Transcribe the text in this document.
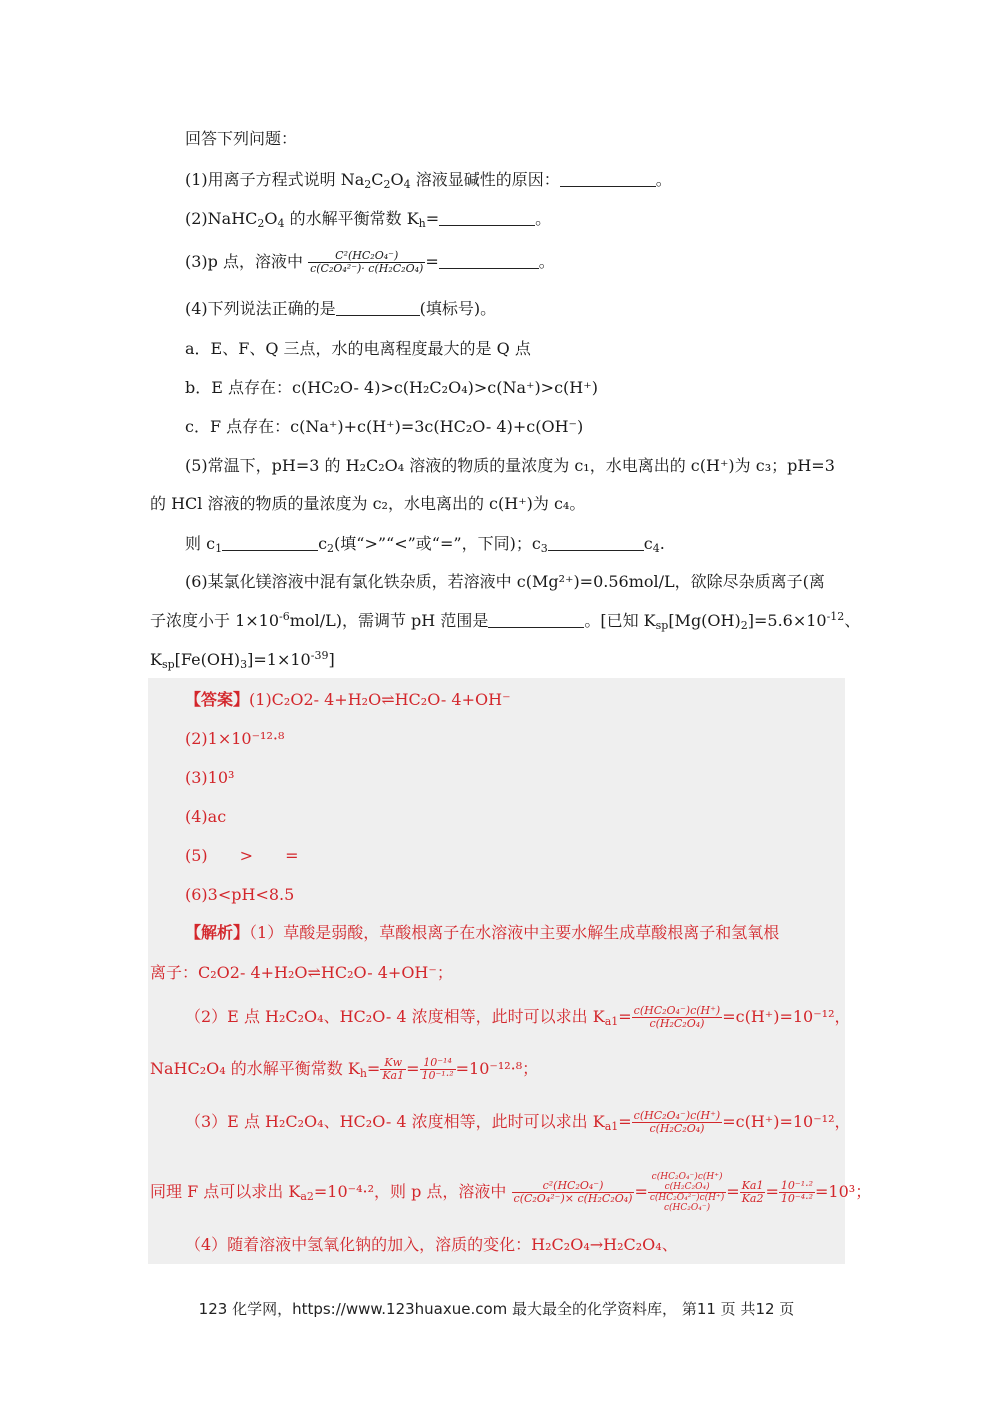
回答下列问题：
(1)用离子方程式说明 $Na_2C_2O_4$ 溶液显碱性的原因：	。
$(2)NaHC_2O_4$ 的水解平衡常数 $K_h=$	。
(3)p 点，溶液中 $\frac{\text{C²(HC₂O₄⁻)}}{\text{c(C₂O₄²⁻)· c(H₂C₂O₄)}}$ =	。
(4)下列说法正确的是	(填标号)。
a．E、F、Q 三点，水的电离程度最大的是 Q 点
b．E 点存在：c(HC₂O- 4)>c(H₂C₂O₄)>c(Na⁺)>c(H⁺)
c．F 点存在：c(Na⁺)+c(H⁺)=3c(HC₂O- 4)+c(OH⁻)
(5)常温下，pH=3 的 H₂C₂O₄ 溶液的物质的量浓度为 c₁，水电离出的 c(H⁺)为 c₃；pH=3
的 HCl 溶液的物质的量浓度为 c₂，水电离出的 c(H⁺)为 c₄。
则 $c_1$	$c_2$(填“>”“<”或“=”，下同)；$c_3$	$c_4$.
(6)某氯化镁溶液中混有氯化铁杂质，若溶液中 c(Mg²⁺)=0.56mol/L，欲除尽杂质离子(离
子浓度小于 $1\times 10^{-6}mol/L$)，需调节 pH 范围是	。[已知 $K_{sp}[Mg(OH)_2]=5.6\times 10^{-12}$、
$K_{sp}[Fe(OH)_3]=1\times 10^{-39}$]
【答案】(1)C₂O2- 4+H₂O⇌HC₂O- 4+OH⁻
(2)1×10⁻¹²·⁸
(3)10³
(4)ac
(5)　　>　　=
(6)3<pH<8.5
【解析】（1）草酸是弱酸，草酸根离子在水溶液中主要水解生成草酸根离子和氢氧根
离子：C₂O2- 4+H₂O⇌HC₂O- 4+OH⁻；
（2）E 点 H₂C₂O₄、HC₂O- 4 浓度相等，此时可以求出 $K_{a1}= \frac{\text{c(HC₂O₄⁻)c(H⁺)}}{\text{c(H₂C₂O₄)}} =c(H^+)=10^{-12}$，
NaHC₂O₄ 的水解平衡常数 $K_h= \frac{Kw}{Ka1} = \frac{\text{10⁻¹⁴}}{\text{10⁻¹·²}} =10^{-12}\cdot^8$；
（3）E 点 H₂C₂O₄、HC₂O- 4 浓度相等，此时可以求出 $K_{a1}= \frac{\text{c(HC₂O₄⁻)c(H⁺)}}{\text{c(H₂C₂O₄)}} =c(H^+)=10^{-12}$，
同理 F 点可以求出 $K_{a2}=10^{-4}\cdot^2$，则 p 点，溶液中 $\frac{\text{c²(HC₂O₄⁻)}}{\text{c(C₂O₄²⁻)× c(H₂C₂O₄)}} = c(HC_2O_4^-)c(H^+)$
c(H₂C₂O₄)
c(HC₂O₄²⁻)c(H⁺)
$c(HC_2O_4^-) = \frac{Ka1}{Ka2} = \frac{\text{10⁻¹·²}}{\text{10⁻⁴·²}} =10^3$；
（4）随着溶液中氢氧化钠的加入，溶质的变化：H₂C₂O₄→H₂C₂O₄、
123 化学网，https://www.123huaxue.com 最大最全的化学资料库， 第11 页 共12 页
